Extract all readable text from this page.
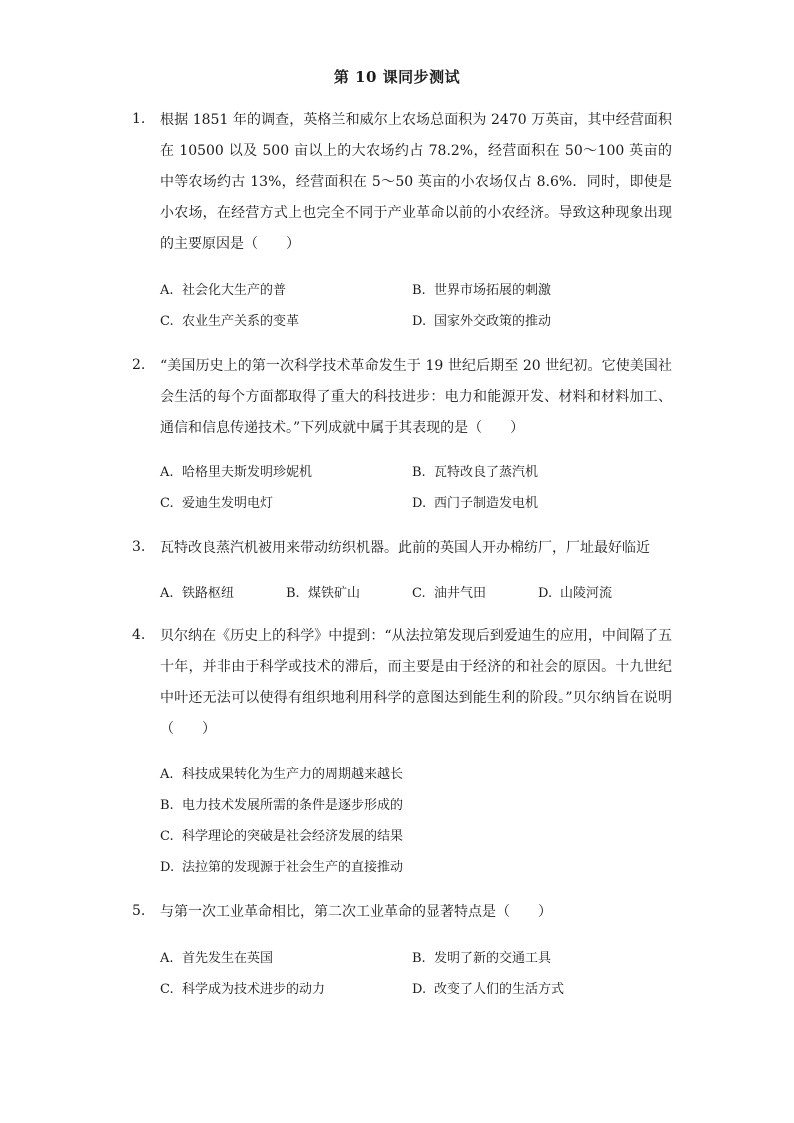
第 10 课同步测试
1.	根据 1851 年的调查，英格兰和威尔上农场总面积为 2470 万英亩，其中经营面积在 10500 以及 500 亩以上的大农场约占 78.2%，经营面积在 50～100 英亩的中等农场约古 13%，经营面积在 5～50 英亩的小农场仅占 8.6%．同时，即使是小农场，在经营方式上也完全不同于产业革命以前的小农经济。导致这种现象出现的主要原因是（　　）
A. 社会化大生产的普	B. 世界市场拓展的刺激
C. 农业生产关系的变革	D. 国家外交政策的推动
2.	“美国历史上的第一次科学技术革命发生于 19 世纪后期至 20 世纪初。它使美国社会生活的每个方面都取得了重大的科技进步：电力和能源开发、材料和材料加工、通信和信息传递技术。”下列成就中属于其表现的是（　　）
A. 哈格里夫斯发明珍妮机	B. 瓦特改良了蒸汽机
C. 爱迪生发明电灯	D. 西门子制造发电机
3.	瓦特改良蒸汽机被用来带动纺织机器。此前的英国人开办棉纺厂，厂址最好临近
A. 铁路枢纽	B. 煤铁矿山	C. 油井气田	D. 山陵河流
4.	贝尔纳在《历史上的科学》中提到：“从法拉第发现后到爱迪生的应用，中间隔了五十年，并非由于科学或技术的滞后，而主要是由于经济的和社会的原因。十九世纪中叶还无法可以使得有组织地利用科学的意图达到能生利的阶段。”贝尔纳旨在说明（　　）
A. 科技成果转化为生产力的周期越来越长
B. 电力技术发展所需的条件是逐步形成的
C. 科学理论的突破是社会经济发展的结果
D. 法拉第的发现源于社会生产的直接推动
5.	与第一次工业革命相比，第二次工业革命的显著特点是（　　）
A. 首先发生在英国	B. 发明了新的交通工具
C. 科学成为技术进步的动力	D. 改变了人们的生活方式
